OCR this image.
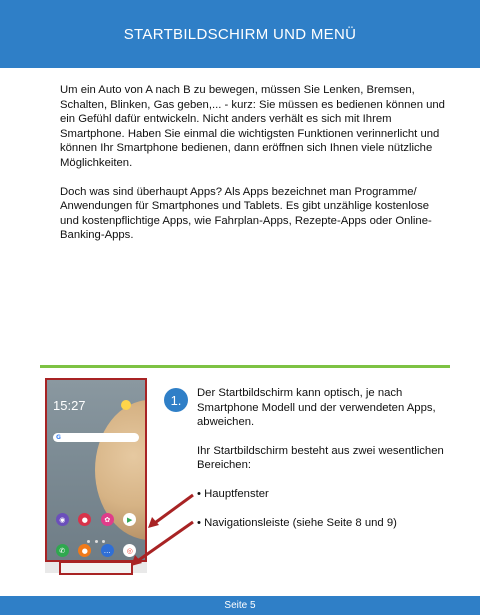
STARTBILDSCHIRM UND MENÜ

Um ein Auto von A nach B zu bewegen, müssen Sie Lenken, Bremsen, Schalten, Blinken, Gas geben,... - kurz: Sie müssen es bedienen können und ein Gefühl dafür entwickeln. Nicht anders verhält es sich mit Ihrem Smartphone. Haben Sie einmal die wichtigsten Funktionen verinnerlicht und können Ihr Smartphone bedienen, dann eröffnen sich Ihnen viele nützliche Möglichkeiten.

Doch was sind überhaupt Apps? Als Apps bezeichnet man Programme/ Anwendungen für Smartphones und Tablets. Es gibt unzählige kostenlose und kostenpflichtige Apps, wie Fahrplan-Apps, Rezepte-Apps oder Online-Banking-Apps.

15:27
G
◉	●	✿	▶
✆	●	…	◎
1.	Der Startbildschirm kann optisch, je nach Smartphone Modell und der verwendeten Apps, abweichen.

Ihr Startbildschirm besteht aus zwei wesentlichen Bereichen:

• Hauptfenster
• Navigationsleiste (siehe Seite 8 und 9)
Seite 5
